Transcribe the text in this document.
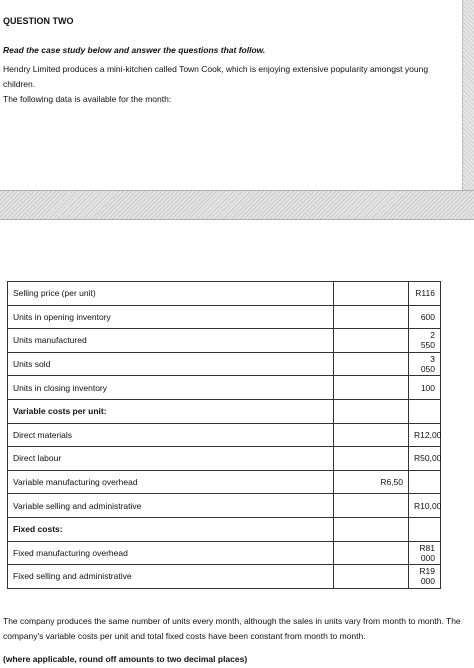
QUESTION TWO
Read the case study below and answer the questions that follow.
Hendry Limited produces a mini-kitchen called Town Cook, which is enjoying extensive popularity amongst young children.
The following data is available for the month:
Selling price (per unit)		R116
Units in opening inventory		600
Units manufactured		2 550
Units sold		3 050
Units in closing inventory		100
Variable costs per unit:		
Direct materials		R12,00
Direct labour		R50,00
Variable manufacturing overhead	R6,50	
Variable selling and administrative		R10,00
Fixed costs:		
Fixed manufacturing overhead		R81 000
Fixed selling and administrative		R19 000
The company produces the same number of units every month, although the sales in units vary from month to month. The
company's variable costs per unit and total fixed costs have been constant from month to month.
(where applicable, round off amounts to two decimal places)
